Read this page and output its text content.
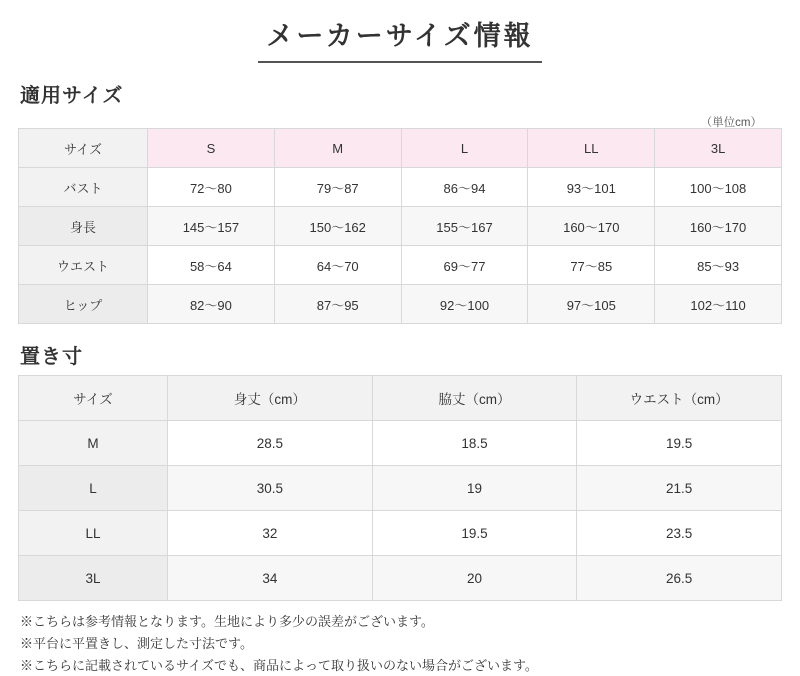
メーカーサイズ情報
適用サイズ
（単位cm）
サイズ	S	M	L	LL	3L
バスト	72〜80	79〜87	86〜94	93〜101	100〜108
身長	145〜157	150〜162	155〜167	160〜170	160〜170
ウエスト	58〜64	64〜70	69〜77	77〜85	85〜93
ヒップ	82〜90	87〜95	92〜100	97〜105	102〜110
置き寸
サイズ	身丈（cm）	脇丈（cm）	ウエスト（cm）
M	28.5	18.5	19.5
L	30.5	19	21.5
LL	32	19.5	23.5
3L	34	20	26.5
※こちらは参考情報となります。生地により多少の誤差がございます。
※平台に平置きし、測定した寸法です。
※こちらに記載されているサイズでも、商品によって取り扱いのない場合がございます。
